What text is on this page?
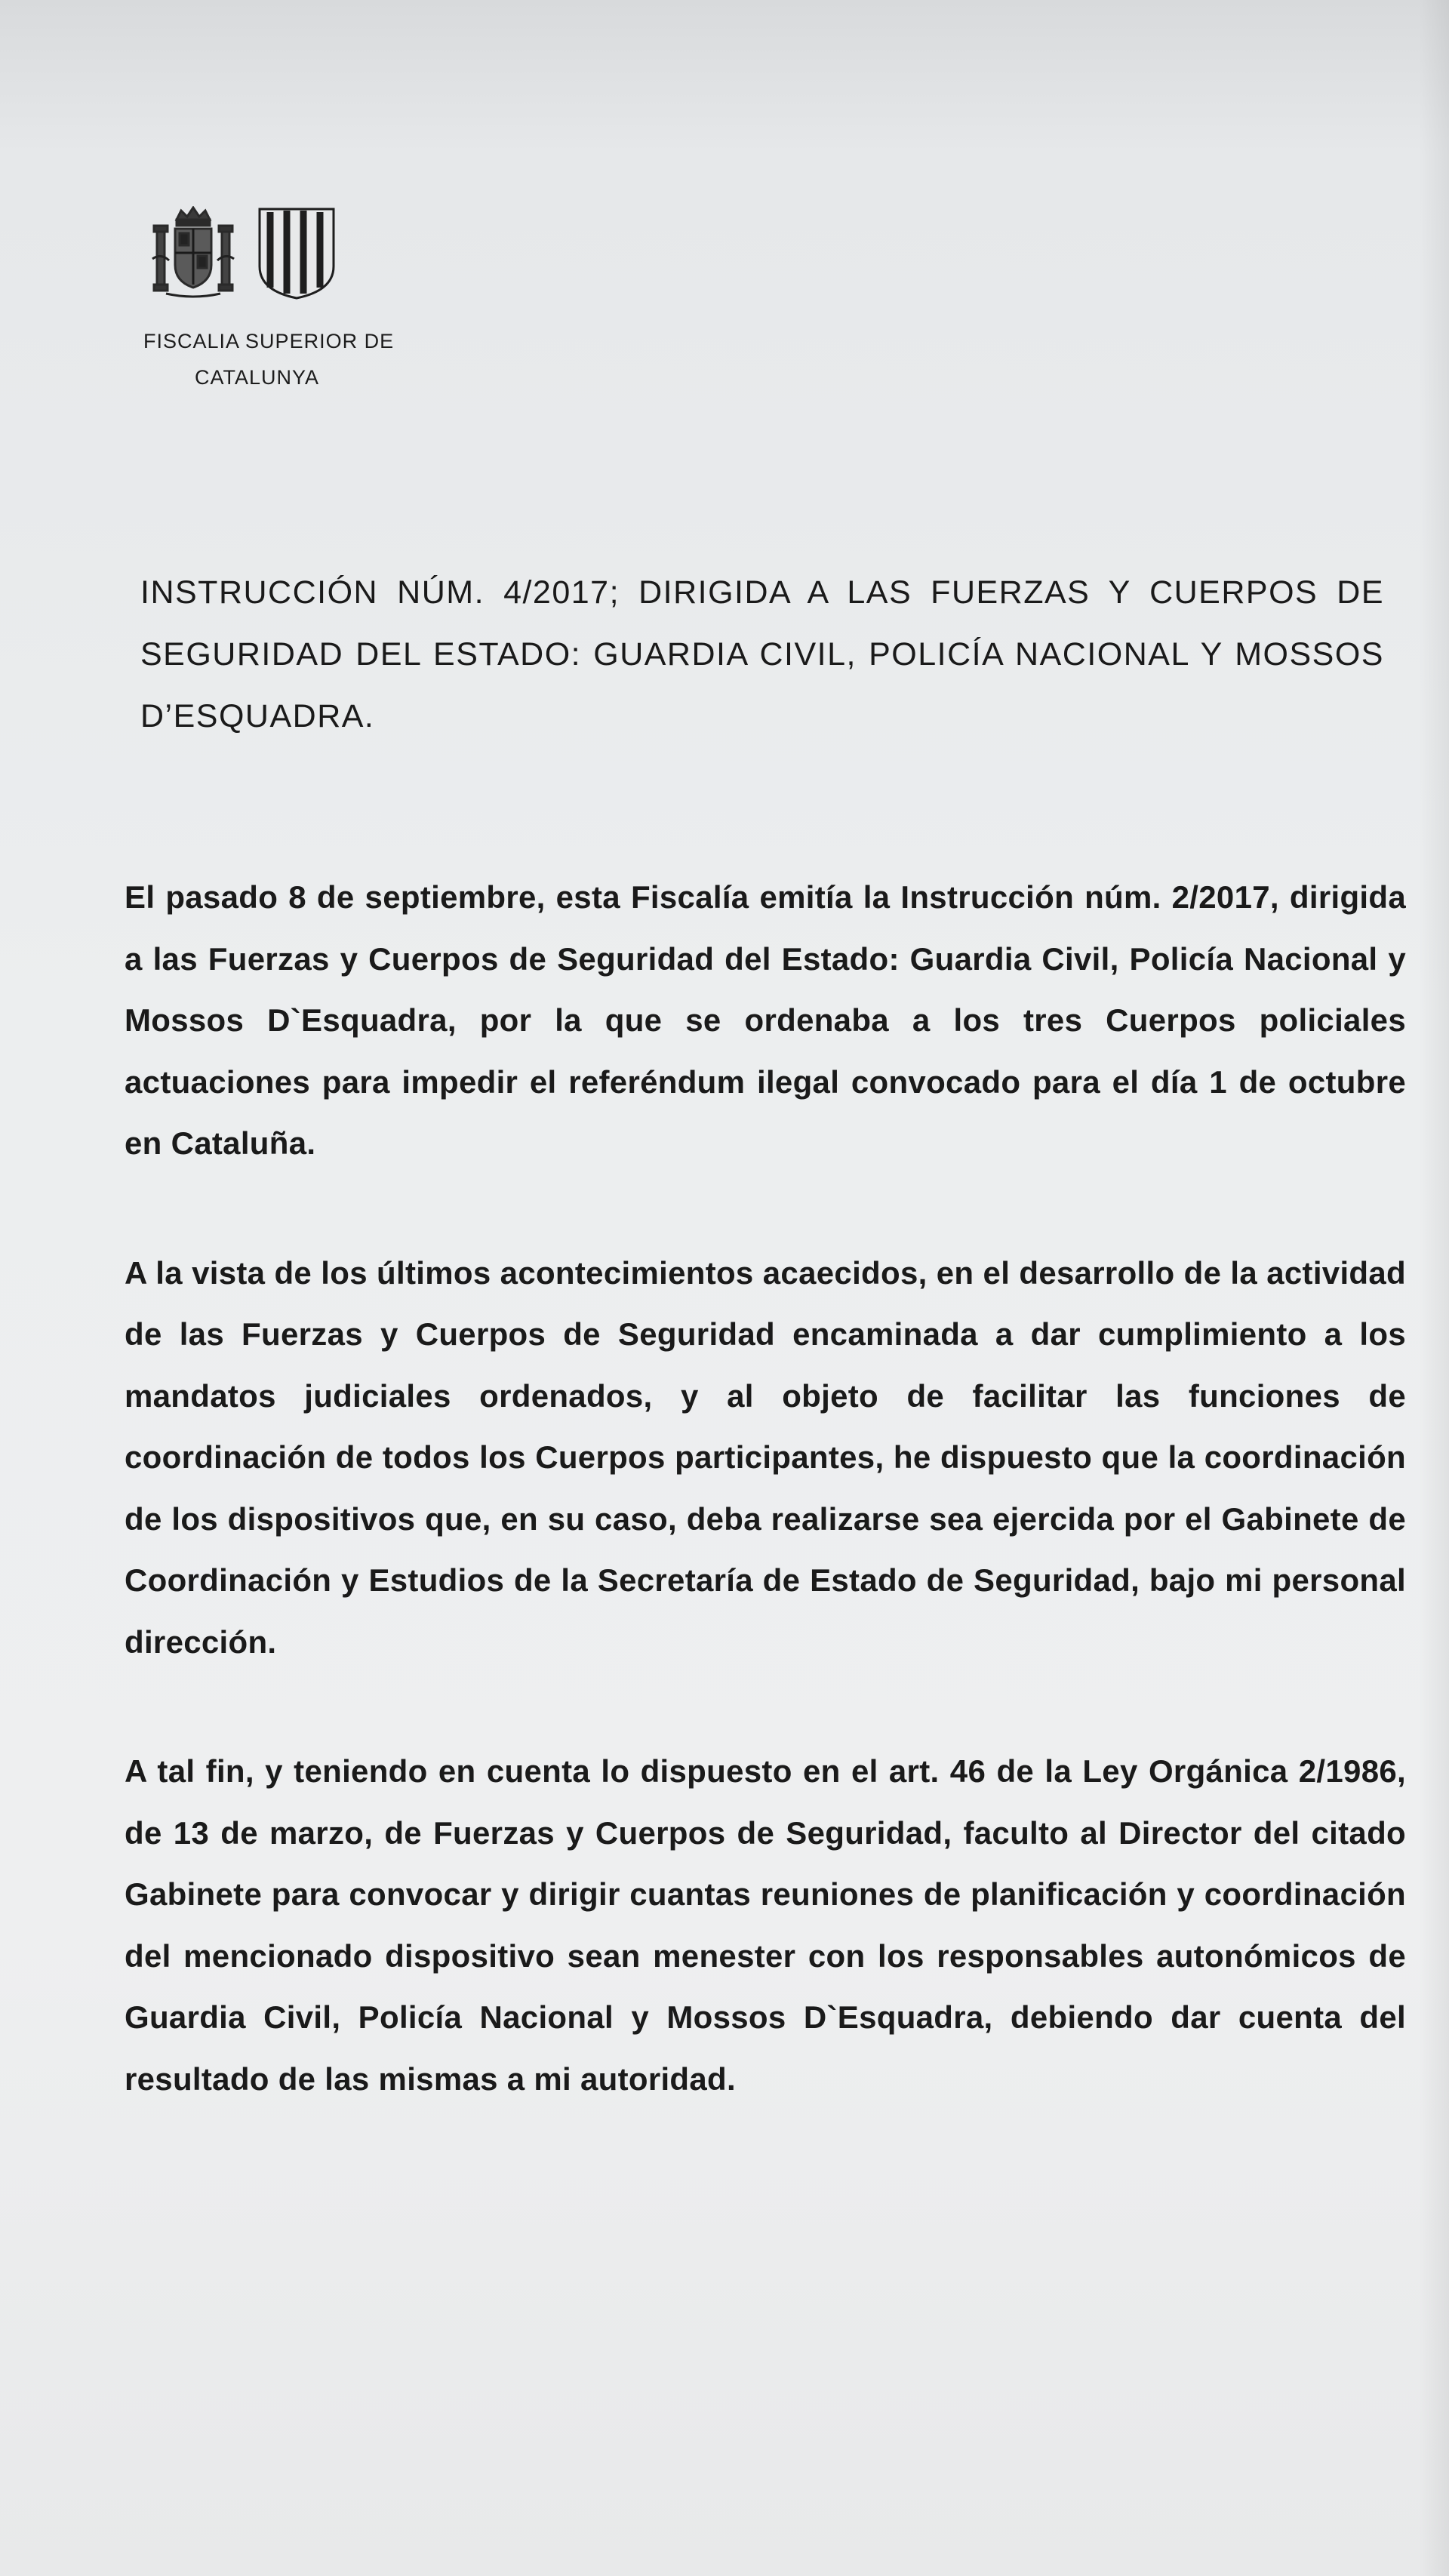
FISCALIA SUPERIOR DE
CATALUNYA
INSTRUCCIÓN NÚM. 4/2017; DIRIGIDA A LAS FUERZAS Y CUERPOS DE SEGURIDAD DEL ESTADO: GUARDIA CIVIL, POLICÍA NACIONAL Y MOSSOS D’ESQUADRA.

El pasado 8 de septiembre, esta Fiscalía emitía la Instrucción núm. 2/2017, dirigida a las Fuerzas y Cuerpos de Seguridad del Estado: Guardia Civil, Policía Nacional y Mossos D`Esquadra, por la que se ordenaba a los tres Cuerpos policiales actuaciones para impedir el referéndum ilegal convocado para el día 1 de octubre en Cataluña.

A la vista de los últimos acontecimientos acaecidos, en el desarrollo de la actividad de las Fuerzas y Cuerpos de Seguridad encaminada a dar cumplimiento a los mandatos judiciales ordenados, y al objeto de facilitar las funciones de coordinación de todos los Cuerpos participantes, he dispuesto que la coordinación de los dispositivos que, en su caso, deba realizarse sea ejercida por el Gabinete de Coordinación y Estudios de la Secretaría de Estado de Seguridad, bajo mi personal dirección.

A tal fin, y teniendo en cuenta lo dispuesto en el art. 46 de la Ley Orgánica 2/1986, de 13 de marzo, de Fuerzas y Cuerpos de Seguridad, faculto al Director del citado Gabinete para convocar y dirigir cuantas reuniones de planificación y coordinación del mencionado dispositivo sean menester con los responsables autonómicos de Guardia Civil, Policía Nacional y Mossos D`Esquadra, debiendo dar cuenta del resultado de las mismas a mi autoridad.
